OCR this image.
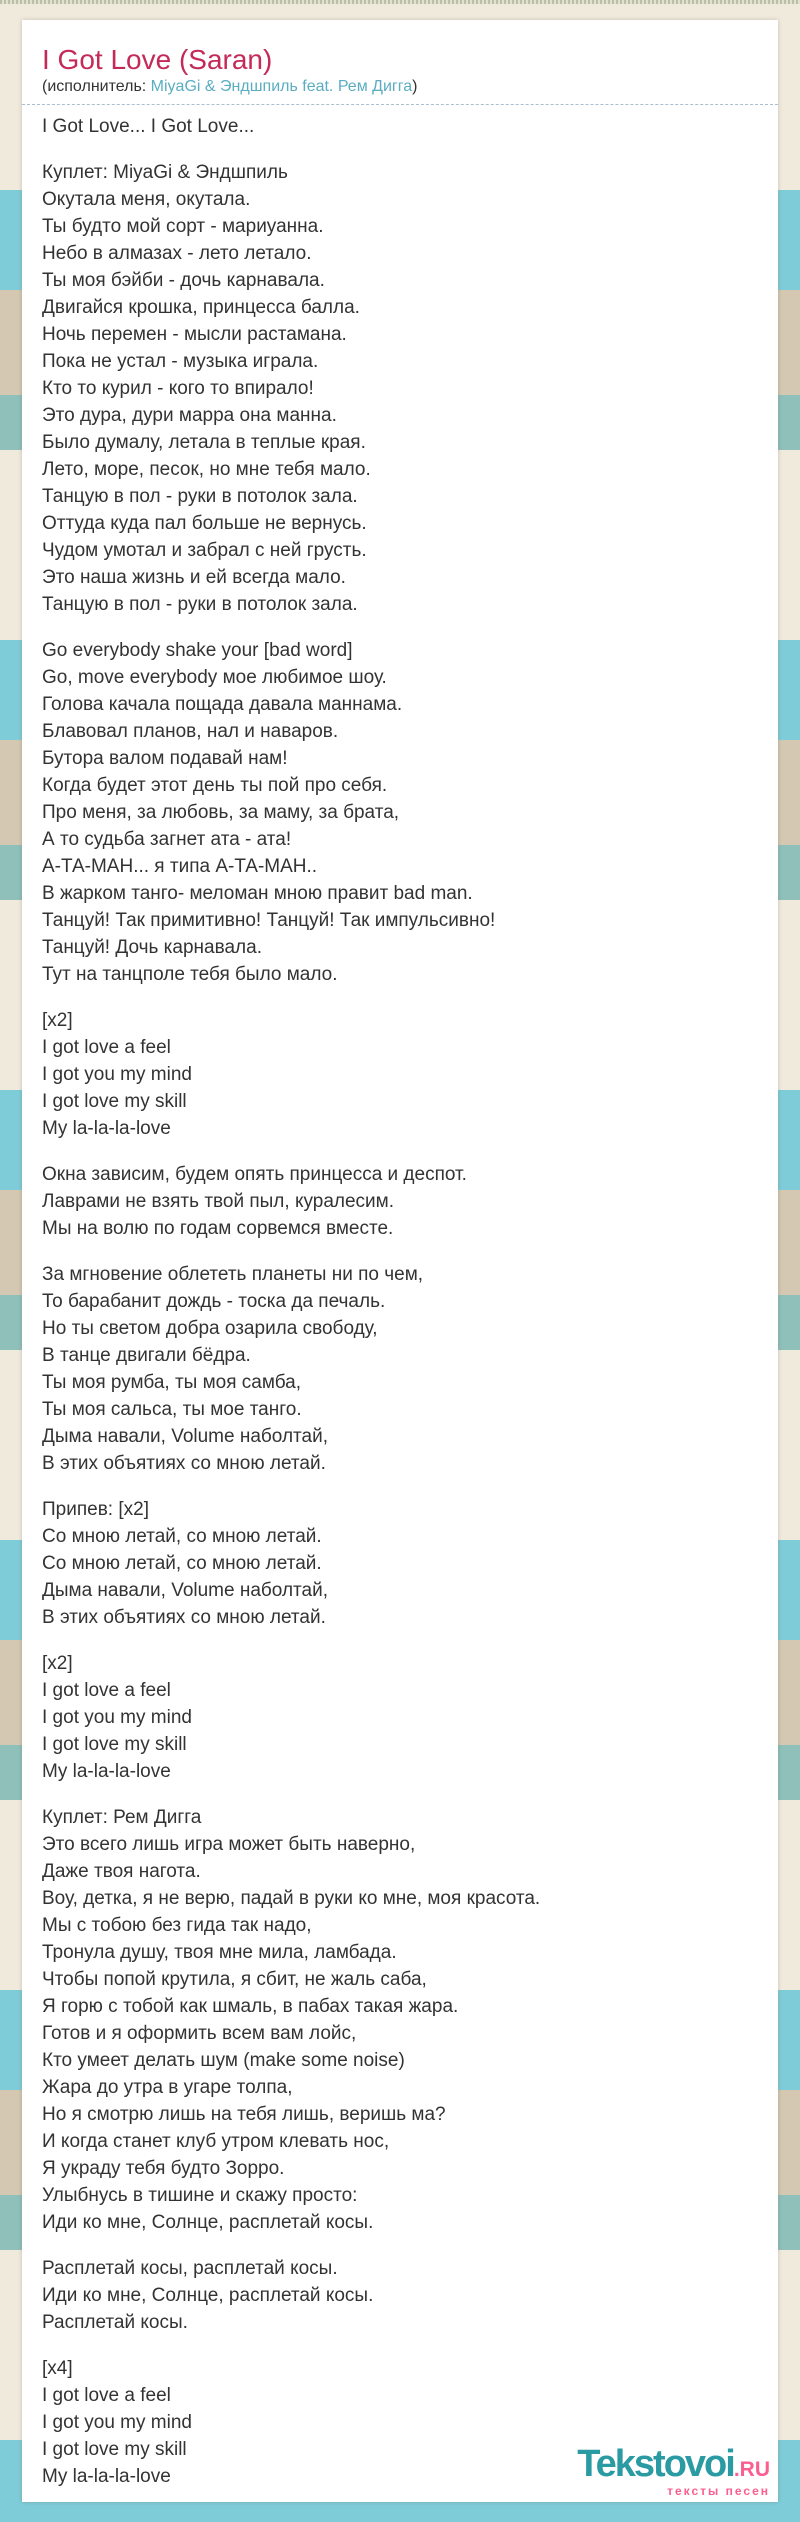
I Got Love (Saran)
(исполнитель: MiyaGi & Эндшпиль feat. Рем Дигга)
I Got Love... I Got Love...
Куплет: MiyaGi & Эндшпиль
Окутала меня, окутала.
Ты будто мой сорт - мариуанна.
Небо в алмазах - лето летало.
Ты моя бэйби - дочь карнавала.
Двигайся крошка, принцесса балла.
Ночь перемен - мысли растамана.
Пока не устал - музыка играла.
Кто то курил - кого то впирало!
Это дура, дури марра она манна.
Было думалу, летала в теплые края.
Лето, море, песок, но мне тебя мало.
Танцую в пол - руки в потолок зала.
Оттуда куда пал больше не вернусь.
Чудом умотал и забрал с ней грусть.
Это наша жизнь и ей всегда мало.
Танцую в пол - руки в потолок зала.
Go everybody shake your [bad word]
Go, move everybody мое любимое шоу.
Голова качала пощада давала маннама.
Блавовал планов, нал и наваров.
Бутора валом подавай нам!
Когда будет этот день ты пой про себя.
Про меня, за любовь, за маму, за брата,
А то судьба загнет ата - ата!
А-ТА-МАН... я типа А-ТА-МАН..
В жарком танго- меломан мною правит bad man.
Танцуй! Так примитивно! Танцуй! Так импульсивно!
Танцуй! Дочь карнавала.
Тут на танцполе тебя было мало.
[x2]
I got love a feel
I got you my mind
I got love my skill
My la-la-la-love
Окна зависим, будем опять принцесса и деспот.
Лаврами не взять твой пыл, куралесим.
Мы на волю по годам сорвемся вместе.
За мгновение облететь планеты ни по чем,
То барабанит дождь - тоска да печаль.
Но ты светом добра озарила свободу,
В танце двигали бёдра.
Ты моя румба, ты моя самба,
Ты моя сальса, ты мое танго.
Дыма навали, Volume наболтай,
В этих объятиях со мною летай.
Припев: [x2]
Со мною летай, со мною летай.
Со мною летай, со мною летай.
Дыма навали, Volume наболтай,
В этих объятиях со мною летай.
[x2]
I got love a feel
I got you my mind
I got love my skill
My la-la-la-love
Куплет: Рем Дигга
Это всего лишь игра может быть наверно,
Даже твоя нагота.
Воу, детка, я не верю, падай в руки ко мне, моя красота.
Мы с тобою без гида так надо,
Тронула душу, твоя мне мила, ламбада.
Чтобы попой крутила, я сбит, не жаль саба,
Я горю с тобой как шмаль, в пабах такая жара.
Готов и я оформить всем вам лойс,
Кто умеет делать шум (make some noise)
Жара до утра в угаре толпа,
Но я смотрю лишь на тебя лишь, веришь ма?
И когда станет клуб утром клевать нос,
Я украду тебя будто Зорро.
Улыбнусь в тишине и скажу просто:
Иди ко мне, Солнце, расплетай косы.
Расплетай косы, расплетай косы.
Иди ко мне, Солнце, расплетай косы.
Расплетай косы.
[x4]
I got love a feel
I got you my mind
I got love my skill
My la-la-la-love	Tekstovoi.RU
тексты песен
